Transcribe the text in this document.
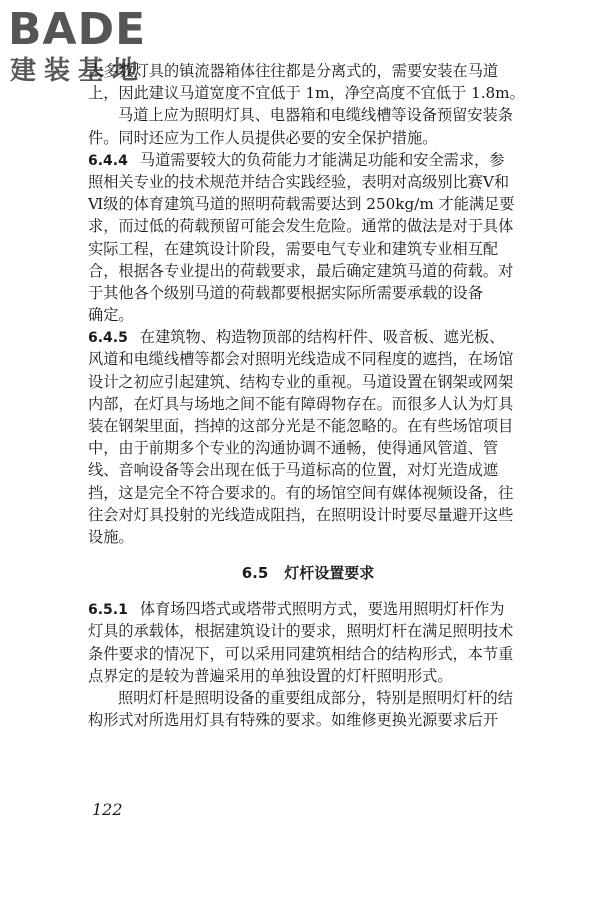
BADE
建装基地
大多数灯具的镇流器箱体往往都是分离式的，需要安装在马道
上，因此建议马道宽度不宜低于 1m，净空高度不宜低于 1.8m。
马道上应为照明灯具、电器箱和电缆线槽等设备预留安装条
件。同时还应为工作人员提供必要的安全保护措施。
6.4.4 马道需要较大的负荷能力才能满足功能和安全需求，参
照相关专业的技术规范并结合实践经验，表明对高级别比赛Ⅴ和
Ⅵ级的体育建筑马道的照明荷载需要达到 250kg/m 才能满足要
求，而过低的荷载预留可能会发生危险。通常的做法是对于具体
实际工程，在建筑设计阶段，需要电气专业和建筑专业相互配
合，根据各专业提出的荷载要求，最后确定建筑马道的荷载。对
于其他各个级别马道的荷载都要根据实际所需要承载的设备
确定。
6.4.5 在建筑物、构造物顶部的结构杆件、吸音板、遮光板、
风道和电缆线槽等都会对照明光线造成不同程度的遮挡，在场馆
设计之初应引起建筑、结构专业的重视。马道设置在钢架或网架
内部，在灯具与场地之间不能有障碍物存在。而很多人认为灯具
装在钢架里面，挡掉的这部分光是不能忽略的。在有些场馆项目
中，由于前期多个专业的沟通协调不通畅，使得通风管道、管
线、音响设备等会出现在低于马道标高的位置，对灯光造成遮
挡，这是完全不符合要求的。有的场馆空间有媒体视频设备，往
往会对灯具投射的光线造成阻挡，在照明设计时要尽量避开这些
设施。
6.5 灯杆设置要求
6.5.1 体育场四塔式或塔带式照明方式，要选用照明灯杆作为
灯具的承载体，根据建筑设计的要求，照明灯杆在满足照明技术
条件要求的情况下，可以采用同建筑相结合的结构形式，本节重
点界定的是较为普遍采用的单独设置的灯杆照明形式。
照明灯杆是照明设备的重要组成部分，特别是照明灯杆的结
构形式对所选用灯具有特殊的要求。如维修更换光源要求后开
122
